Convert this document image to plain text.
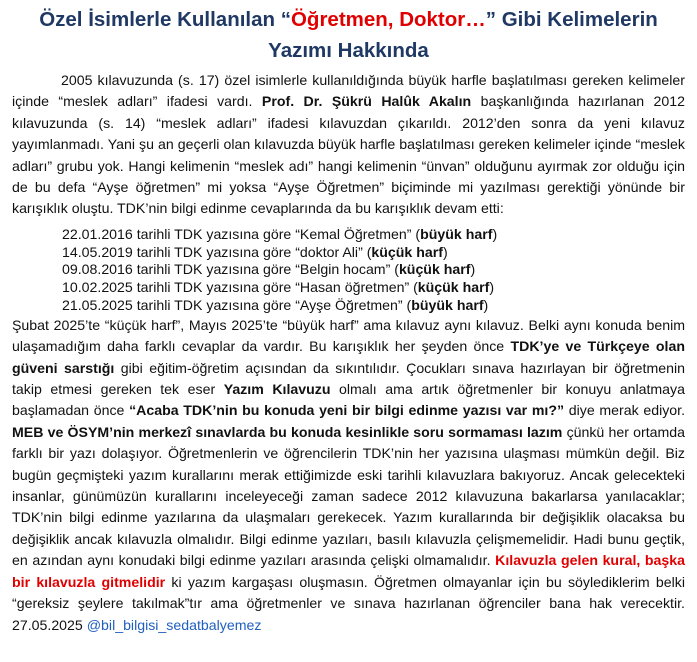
Özel İsimlerle Kullanılan “Öğretmen, Doktor…” Gibi Kelimelerin Yazımı Hakkında

2005 kılavuzunda (s. 17) özel isimlerle kullanıldığında büyük harfle başlatılması gereken kelimeler içinde “meslek adları” ifadesi vardı. Prof. Dr. Şükrü Halûk Akalın başkanlığında hazırlanan 2012 kılavuzunda (s. 14) “meslek adları” ifadesi kılavuzdan çıkarıldı. 2012’den sonra da yeni kılavuz yayımlanmadı. Yani şu an geçerli olan kılavuzda büyük harfle başlatılması gereken kelimeler içinde “meslek adları” grubu yok. Hangi kelimenin “meslek adı” hangi kelimenin “ünvan” olduğunu ayırmak zor olduğu için de bu defa “Ayşe öğretmen” mi yoksa “Ayşe Öğretmen” biçiminde mi yazılması gerektiği yönünde bir karışıklık oluştu. TDK’nin bilgi edinme cevaplarında da bu karışıklık devam etti:

22.01.2016 tarihli TDK yazısına göre “Kemal Öğretmen” (büyük harf)
14.05.2019 tarihli TDK yazısına göre “doktor Ali” (küçük harf)
09.08.2016 tarihli TDK yazısına göre “Belgin hocam” (küçük harf)
10.02.2025 tarihli TDK yazısına göre “Hasan öğretmen” (küçük harf)
21.05.2025 tarihli TDK yazısına göre “Ayşe Öğretmen” (büyük harf)

Şubat 2025’te “küçük harf”, Mayıs 2025’te “büyük harf” ama kılavuz aynı kılavuz. Belki aynı konuda benim ulaşamadığım daha farklı cevaplar da vardır. Bu karışıklık her şeyden önce TDK’ye ve Türkçeye olan güveni sarstığı gibi eğitim-öğretim açısından da sıkıntılıdır. Çocukları sınava hazırlayan bir öğretmenin takip etmesi gereken tek eser Yazım Kılavuzu olmalı ama artık öğretmenler bir konuyu anlatmaya başlamadan önce “Acaba TDK’nin bu konuda yeni bir bilgi edinme yazısı var mı?” diye merak ediyor. MEB ve ÖSYM’nin merkezî sınavlarda bu konuda kesinlikle soru sormaması lazım çünkü her ortamda farklı bir yazı dolaşıyor. Öğretmenlerin ve öğrencilerin TDK’nin her yazısına ulaşması mümkün değil. Biz bugün geçmişteki yazım kurallarını merak ettiğimizde eski tarihli kılavuzlara bakıyoruz. Ancak gelecekteki insanlar, günümüzün kurallarını inceleyeceği zaman sadece 2012 kılavuzuna bakarlarsa yanılacaklar; TDK’nin bilgi edinme yazılarına da ulaşmaları gerekecek. Yazım kurallarında bir değişiklik olacaksa bu değişiklik ancak kılavuzla olmalıdır. Bilgi edinme yazıları, basılı kılavuzla çelişmemelidir. Hadi bunu geçtik, en azından aynı konudaki bilgi edinme yazıları arasında çelişki olmamalıdır. Kılavuzla gelen kural, başka bir kılavuzla gitmelidir ki yazım kargaşası oluşmasın. Öğretmen olmayanlar için bu söylediklerim belki “gereksiz şeylere takılmak”tır ama öğretmenler ve sınava hazırlanan öğrenciler bana hak verecektir. 27.05.2025 @bil_bilgisi_sedatbalyemez
